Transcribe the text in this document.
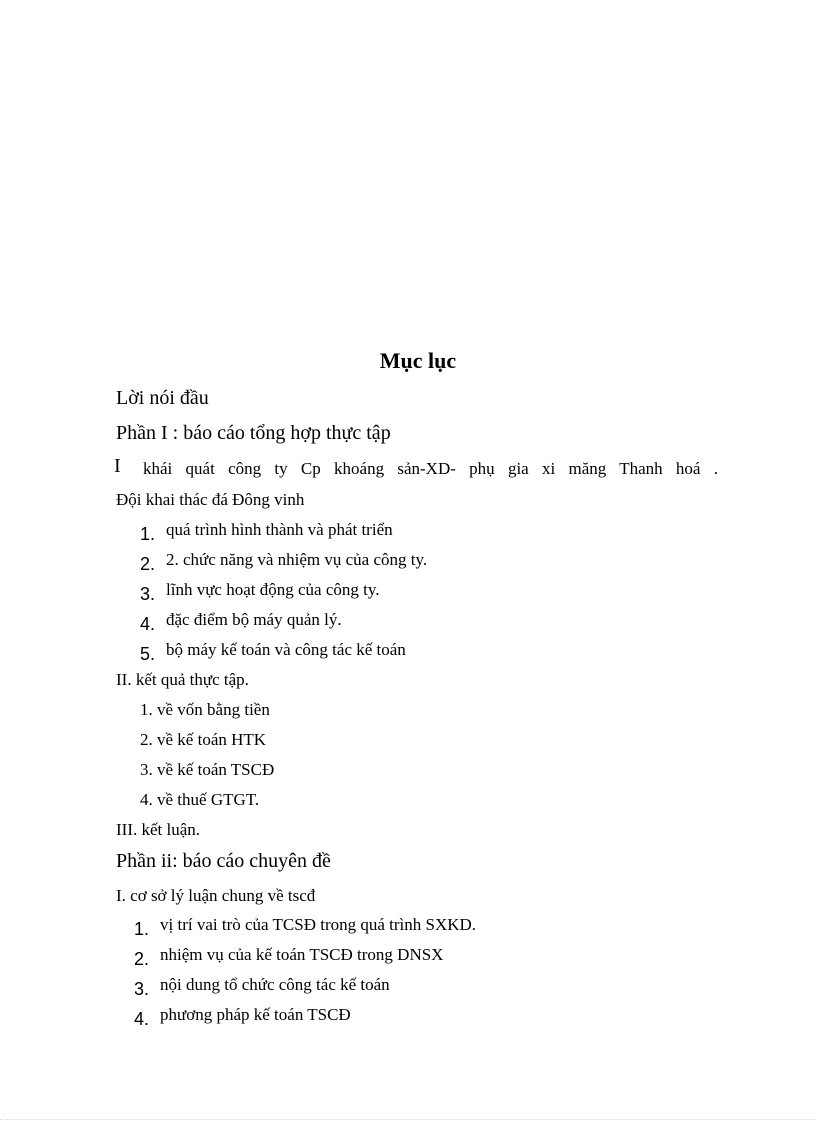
Mục lục
Lời nói đầu
Phần I : báo cáo tổng hợp thực tập
I khái quát công ty Cp khoáng sản-XD- phụ gia xi măng Thanh hoá .
Đội khai thác đá Đông vinh
1. quá trình hình thành và phát triển
2. 2. chức năng và nhiệm vụ của công ty.
3. lĩnh vực hoạt động của công ty.
4. đặc điểm bộ máy quản lý.
5. bộ máy kế toán và công tác kế toán
II. kết quả thực tập.
1. về vốn bằng tiền
2. về kế toán HTK
3. về kế toán TSCĐ
4. về thuế GTGT.
III. kết luận.
Phần ii: báo cáo chuyên đề
I. cơ sở lý luận chung về tscđ
1. vị trí vai trò của TCSĐ trong quá trình SXKD.
2. nhiệm vụ của kế toán TSCĐ trong DNSX
3. nội dung tổ chức công tác kế toán
4. phương pháp kế toán TSCĐ
